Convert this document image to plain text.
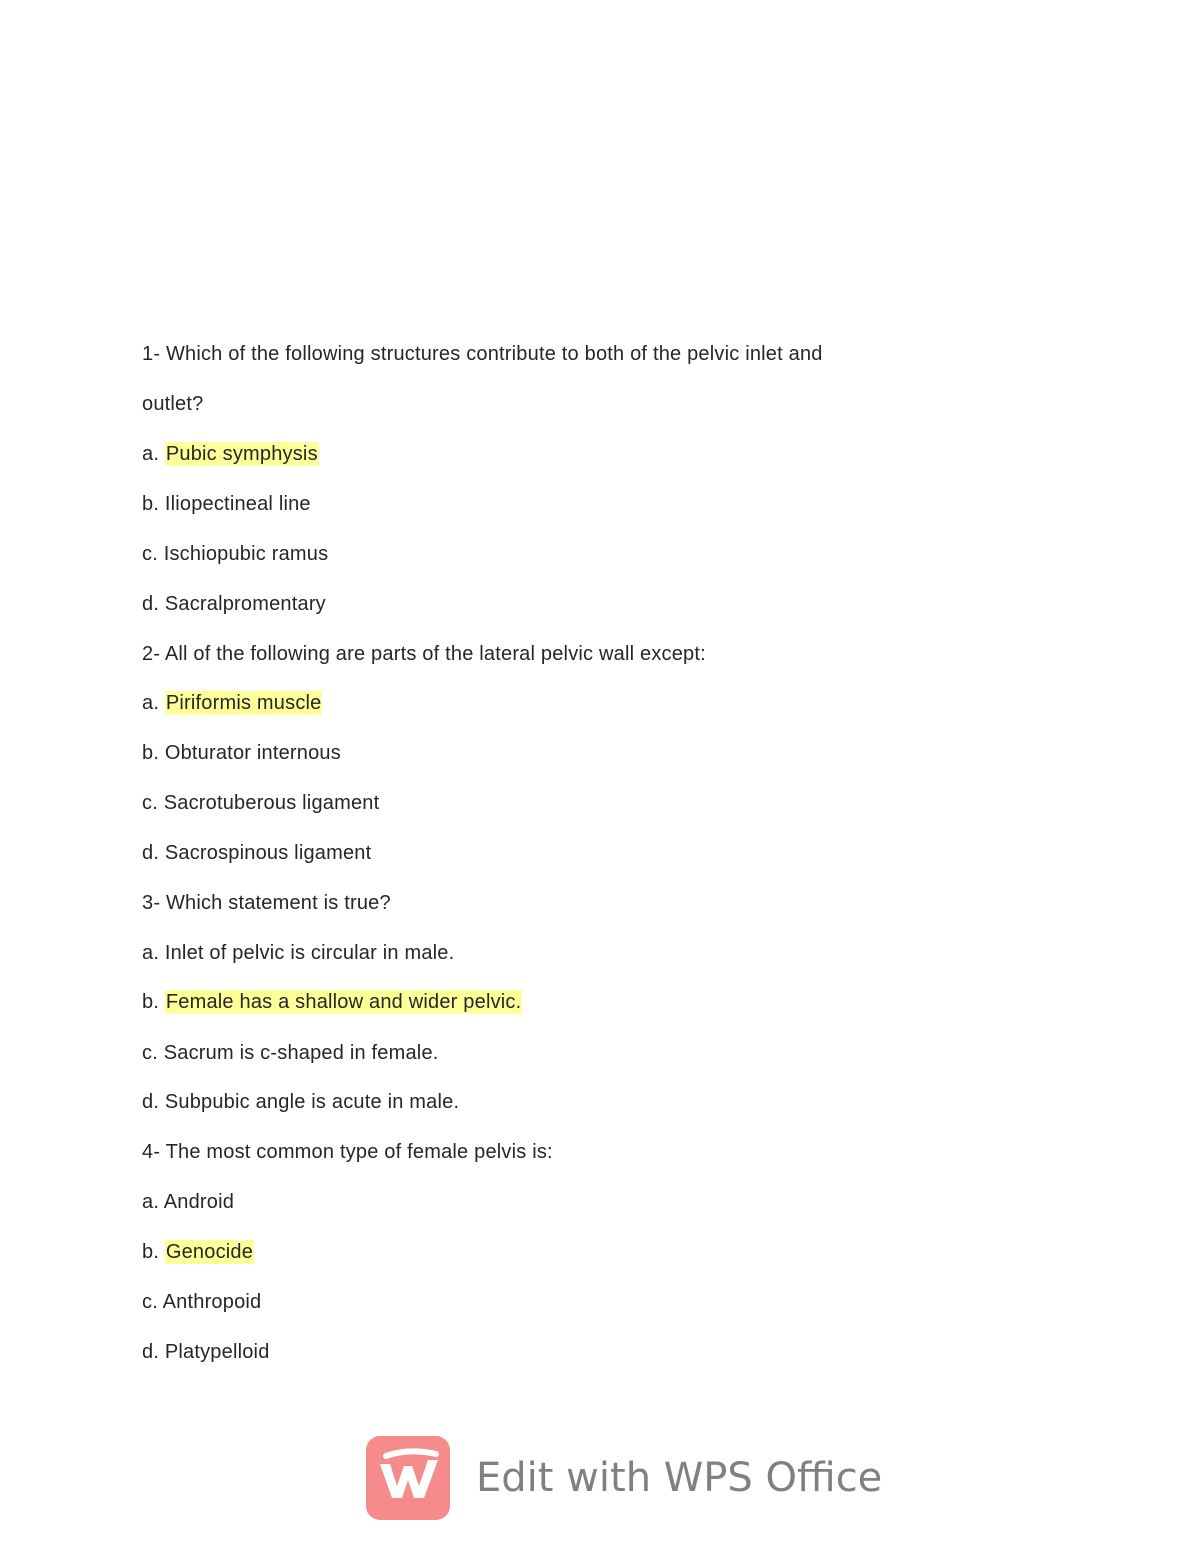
1- Which of the following structures contribute to both of the pelvic inlet and
outlet?
a. Pubic symphysis
b. Iliopectineal line
c. Ischiopubic ramus
d. Sacralpromentary
2- All of the following are parts of the lateral pelvic wall except:
a. Piriformis muscle
b. Obturator internous
c. Sacrotuberous ligament
d. Sacrospinous ligament
3- Which statement is true?
a. Inlet of pelvic is circular in male.
b. Female has a shallow and wider pelvic.
c. Sacrum is c-shaped in female.
d. Subpubic angle is acute in male.
4- The most common type of female pelvis is:
a. Android
b. Genocide
c. Anthropoid
d. Platypelloid
Edit with WPS Office
